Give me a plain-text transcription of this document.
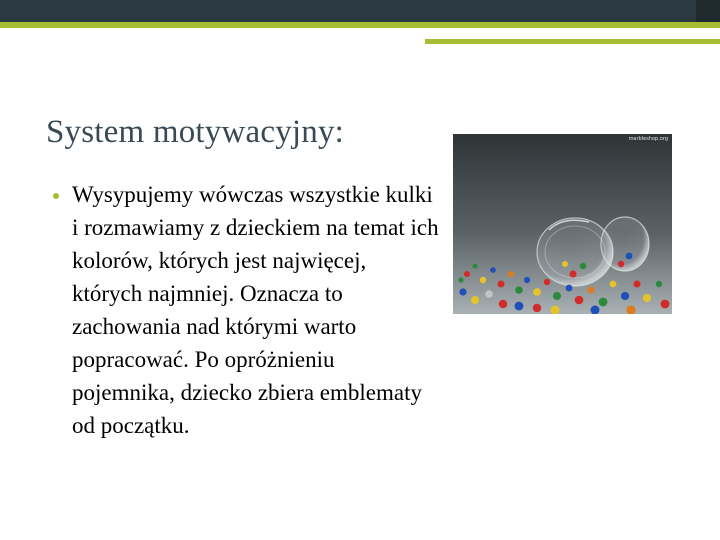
System motywacyjny:

Wysypujemy wówczas wszystkie kulki i rozmawiamy z dzieckiem na temat ich kolorów, których jest najwięcej, których najmniej. Oznacza to zachowania nad którymi warto popracować. Po opróżnieniu pojemnika, dziecko zbiera emblematy od początku.

marbleshop.org
